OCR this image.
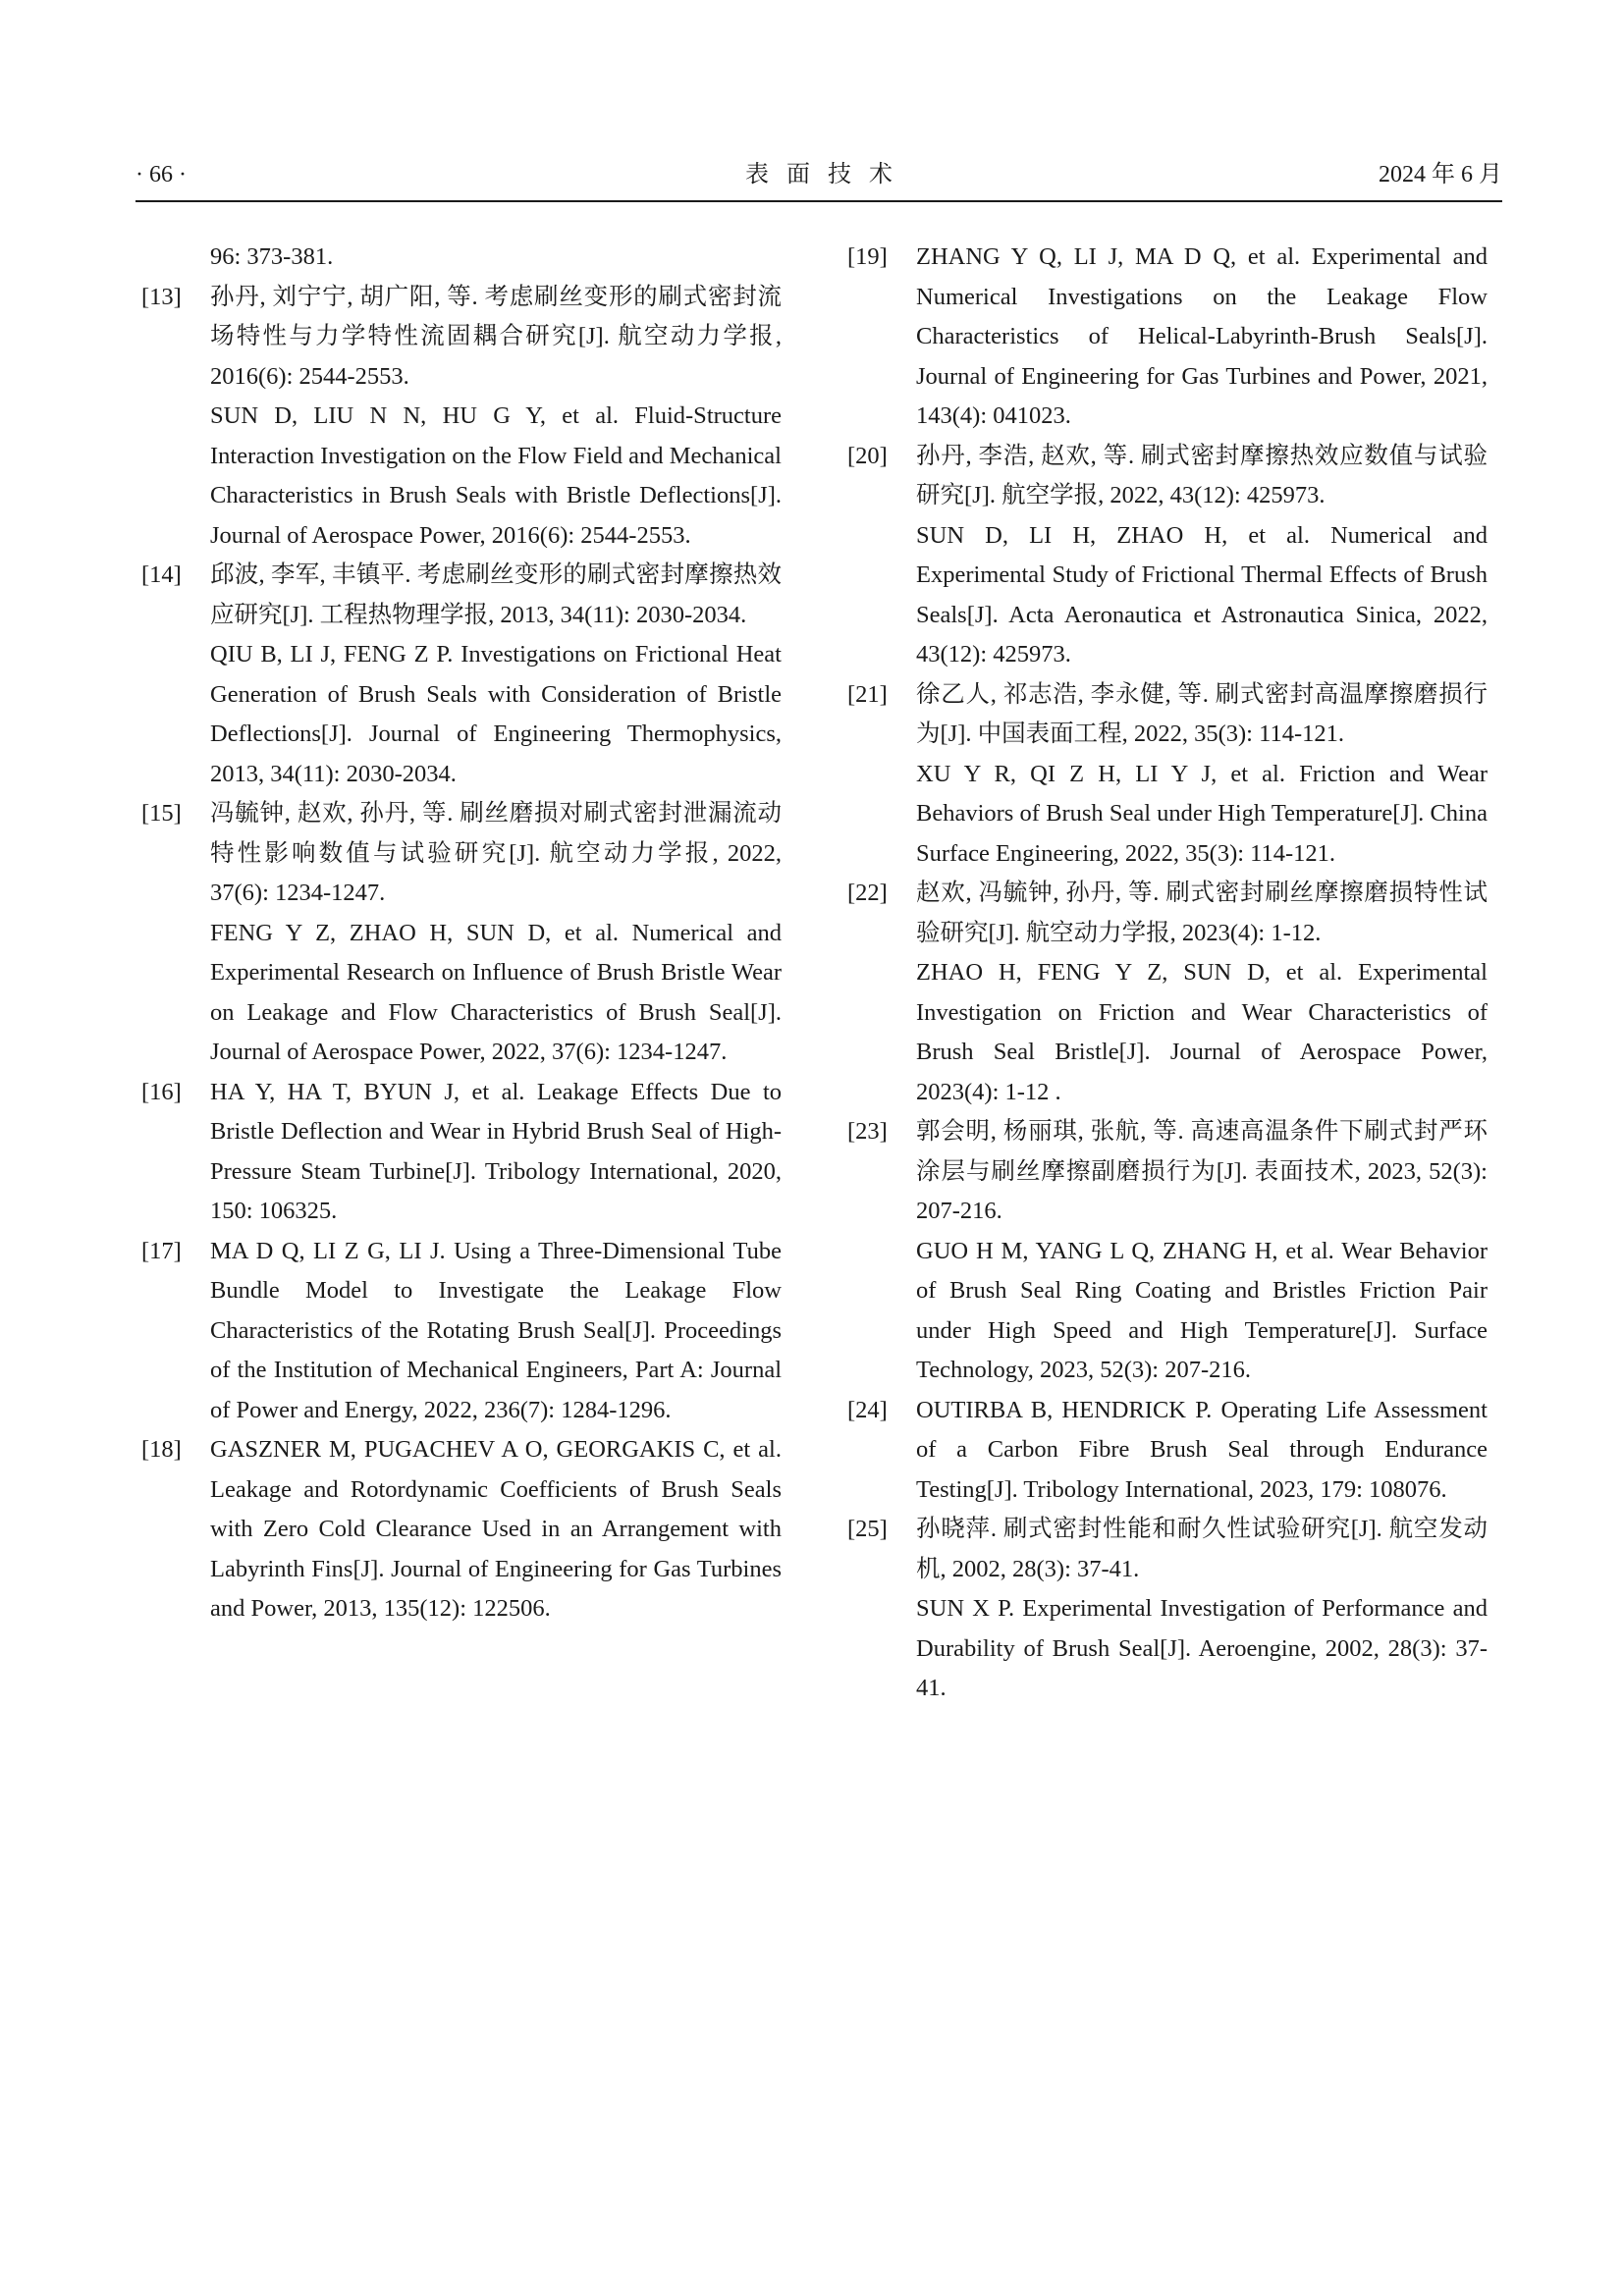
· 66 ·	表面技术	2024 年 6 月
96: 373-381.
[13] 孙丹, 刘宁宁, 胡广阳, 等. 考虑刷丝变形的刷式密封流场特性与力学特性流固耦合研究[J]. 航空动力学报, 2016(6): 2544-2553.
SUN D, LIU N N, HU G Y, et al. Fluid-Structure Interaction Investigation on the Flow Field and Mechanical Characteristics in Brush Seals with Bristle Deflections[J]. Journal of Aerospace Power, 2016(6): 2544-2553.
[14] 邱波, 李军, 丰镇平. 考虑刷丝变形的刷式密封摩擦热效应研究[J]. 工程热物理学报, 2013, 34(11): 2030-2034.
QIU B, LI J, FENG Z P. Investigations on Frictional Heat Generation of Brush Seals with Consideration of Bristle Deflections[J]. Journal of Engineering Thermophysics, 2013, 34(11): 2030-2034.
[15] 冯毓钟, 赵欢, 孙丹, 等. 刷丝磨损对刷式密封泄漏流动特性影响数值与试验研究[J]. 航空动力学报, 2022, 37(6): 1234-1247.
FENG Y Z, ZHAO H, SUN D, et al. Numerical and Experimental Research on Influence of Brush Bristle Wear on Leakage and Flow Characteristics of Brush Seal[J]. Journal of Aerospace Power, 2022, 37(6): 1234-1247.
[16] HA Y, HA T, BYUN J, et al. Leakage Effects Due to Bristle Deflection and Wear in Hybrid Brush Seal of High-Pressure Steam Turbine[J]. Tribology International, 2020, 150: 106325.
[17] MA D Q, LI Z G, LI J. Using a Three-Dimensional Tube Bundle Model to Investigate the Leakage Flow Characteristics of the Rotating Brush Seal[J]. Proceedings of the Institution of Mechanical Engineers, Part A: Journal of Power and Energy, 2022, 236(7): 1284-1296.
[18] GASZNER M, PUGACHEV A O, GEORGAKIS C, et al. Leakage and Rotordynamic Coefficients of Brush Seals with Zero Cold Clearance Used in an Arrangement with Labyrinth Fins[J]. Journal of Engineering for Gas Turbines and Power, 2013, 135(12): 122506.
[19] ZHANG Y Q, LI J, MA D Q, et al. Experimental and Numerical Investigations on the Leakage Flow Characteristics of Helical-Labyrinth-Brush Seals[J]. Journal of Engineering for Gas Turbines and Power, 2021, 143(4): 041023.
[20] 孙丹, 李浩, 赵欢, 等. 刷式密封摩擦热效应数值与试验研究[J]. 航空学报, 2022, 43(12): 425973.
SUN D, LI H, ZHAO H, et al. Numerical and Experimental Study of Frictional Thermal Effects of Brush Seals[J]. Acta Aeronautica et Astronautica Sinica, 2022, 43(12): 425973.
[21] 徐乙人, 祁志浩, 李永健, 等. 刷式密封高温摩擦磨损行为[J]. 中国表面工程, 2022, 35(3): 114-121.
XU Y R, QI Z H, LI Y J, et al. Friction and Wear Behaviors of Brush Seal under High Temperature[J]. China Surface Engineering, 2022, 35(3): 114-121.
[22] 赵欢, 冯毓钟, 孙丹, 等. 刷式密封刷丝摩擦磨损特性试验研究[J]. 航空动力学报, 2023(4): 1-12.
ZHAO H, FENG Y Z, SUN D, et al. Experimental Investigation on Friction and Wear Characteristics of Brush Seal Bristle[J]. Journal of Aerospace Power, 2023(4): 1-12 .
[23] 郭会明, 杨丽琪, 张航, 等. 高速高温条件下刷式封严环涂层与刷丝摩擦副磨损行为[J]. 表面技术, 2023, 52(3): 207-216.
GUO H M, YANG L Q, ZHANG H, et al. Wear Behavior of Brush Seal Ring Coating and Bristles Friction Pair under High Speed and High Temperature[J]. Surface Technology, 2023, 52(3): 207-216.
[24] OUTIRBA B, HENDRICK P. Operating Life Assessment of a Carbon Fibre Brush Seal through Endurance Testing[J]. Tribology International, 2023, 179: 108076.
[25] 孙晓萍. 刷式密封性能和耐久性试验研究[J]. 航空发动机, 2002, 28(3): 37-41.
SUN X P. Experimental Investigation of Performance and Durability of Brush Seal[J]. Aeroengine, 2002, 28(3): 37-41.
